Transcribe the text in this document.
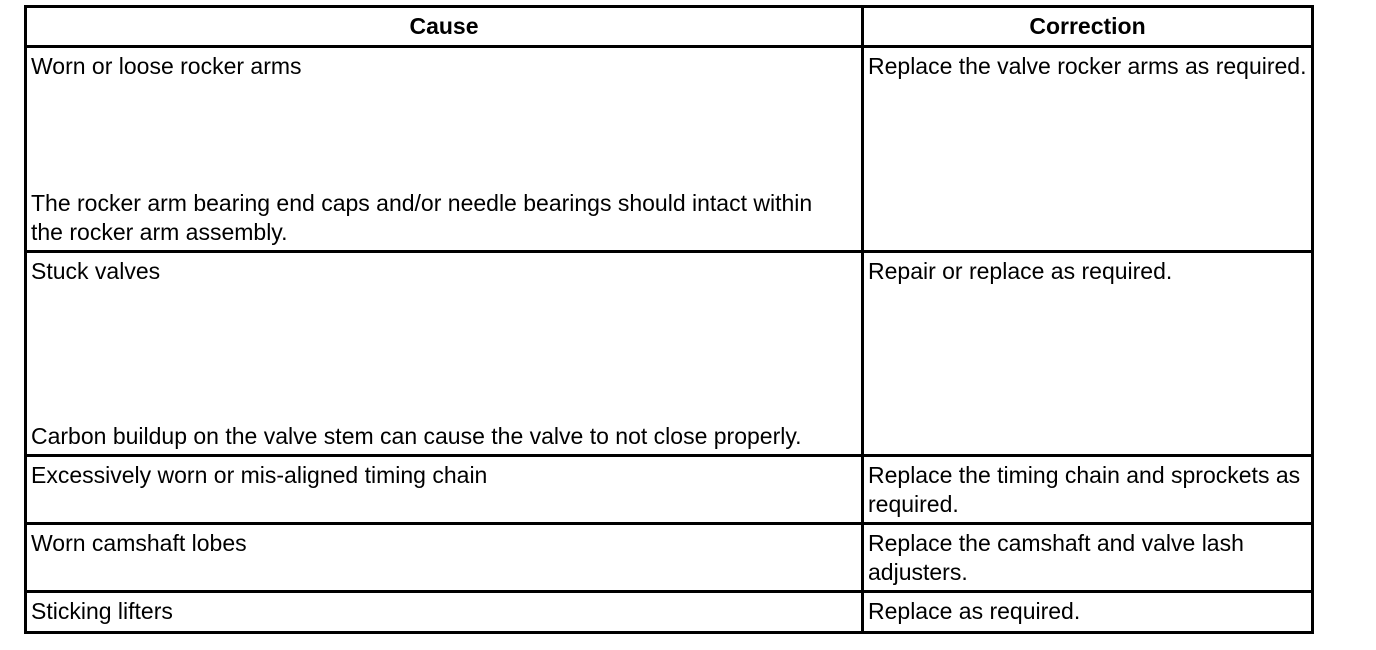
Cause	Correction

Worn or loose rocker arms
The rocker arm bearing end caps and/or needle bearings should intact within the rocker arm assembly.	Replace the valve rocker arms as required.

Stuck valves
Carbon buildup on the valve stem can cause the valve to not close properly.	Repair or replace as required.

Excessively worn or mis-aligned timing chain	Replace the timing chain and sprockets as required.

Worn camshaft lobes	Replace the camshaft and valve lash adjusters.

Sticking lifters	Replace as required.
